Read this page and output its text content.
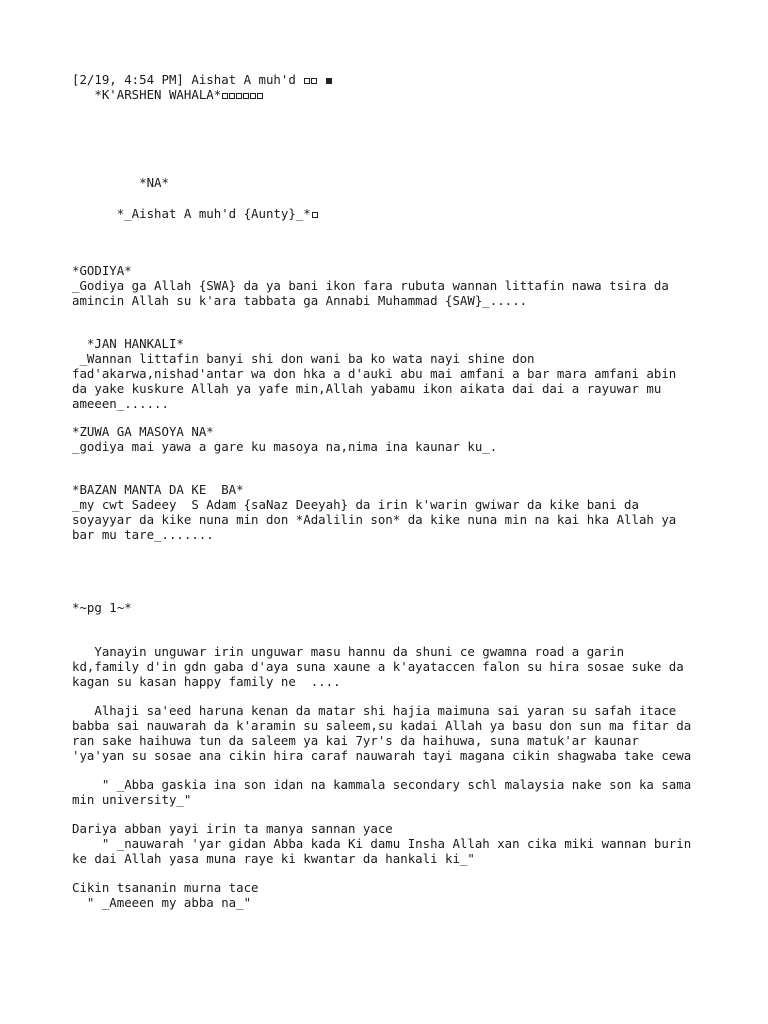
[2/19, 4:54 PM] Aishat A muh'd

*K'ARSHEN WAHALA*

*NA*

*_Aishat A muh'd {Aunty}_*

*GODIYA*

_Godiya ga Allah {SWA} da ya bani ikon fara rubuta wannan littafin nawa tsira da

amincin Allah su k'ara tabbata ga Annabi Muhammad {SAW}_.....

*JAN HANKALI*

_Wannan littafin banyi shi don wani ba ko wata nayi shine don

fad'akarwa,nishad'antar wa don hka a d'auki abu mai amfani a bar mara amfani abin

da yake kuskure Allah ya yafe min,Allah yabamu ikon aikata dai dai a rayuwar mu

ameeen_......

*ZUWA GA MASOYA NA*

_godiya mai yawa a gare ku masoya na,nima ina kaunar ku_.

*BAZAN MANTA DA KE  BA*

_my cwt Sadeey  S Adam {saNaz Deeyah} da irin k'warin gwiwar da kike bani da

soyayyar da kike nuna min don *Adalilin son* da kike nuna min na kai hka Allah ya

bar mu tare_.......

*~pg 1~*

Yanayin unguwar irin unguwar masu hannu da shuni ce gwamna road a garin

kd,family d'in gdn gaba d'aya suna xaune a k'ayataccen falon su hira sosae suke da

kagan su kasan happy family ne  ....

Alhaji sa'eed haruna kenan da matar shi hajia maimuna sai yaran su safah itace

babba sai nauwarah da k'aramin su saleem,su kadai Allah ya basu don sun ma fitar da

ran sake haihuwa tun da saleem ya kai 7yr's da haihuwa, suna matuk'ar kaunar

'ya'yan su sosae ana cikin hira caraf nauwarah tayi magana cikin shagwaba take cewa

" _Abba gaskia ina son idan na kammala secondary schl malaysia nake son ka sama

min university_"

Dariya abban yayi irin ta manya sannan yace

" _nauwarah 'yar gidan Abba kada Ki damu Insha Allah xan cika miki wannan burin

ke dai Allah yasa muna raye ki kwantar da hankali ki_"

Cikin tsananin murna tace

" _Ameeen my abba na_"
